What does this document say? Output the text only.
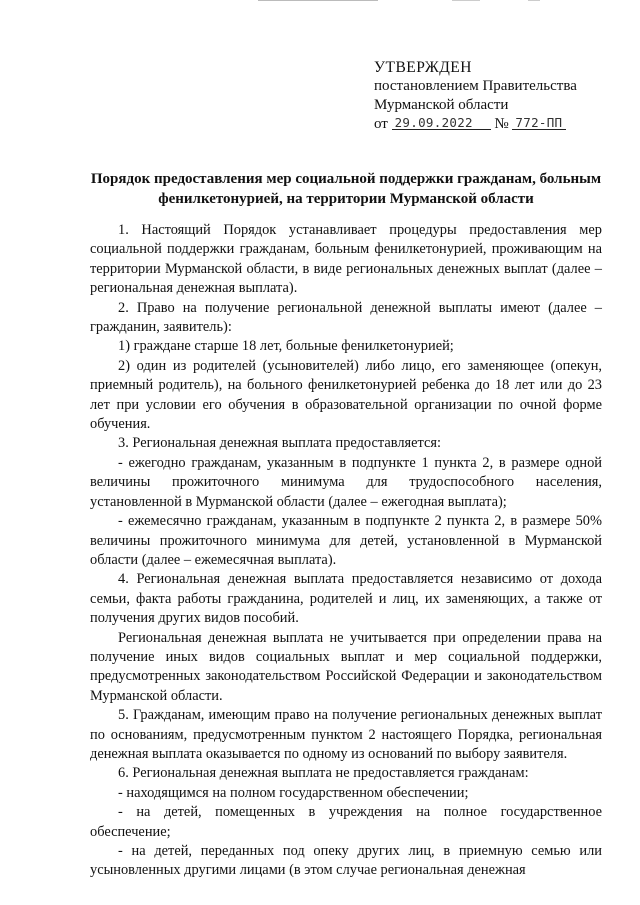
УТВЕРЖДЕН
постановлением Правительства
Мурманской области
от 29.09.2022 № 772-ПП
Порядок предоставления мер социальной поддержки гражданам, больным фенилкетонурией, на территории Мурманской области

1. Настоящий Порядок устанавливает процедуры предоставления мер социальной поддержки гражданам, больным фенилкетонурией, проживающим на территории Мурманской области, в виде региональных денежных выплат (далее – региональная денежная выплата).

2. Право на получение региональной денежной выплаты имеют (далее – гражданин, заявитель):

1) граждане старше 18 лет, больные фенилкетонурией;

2) один из родителей (усыновителей) либо лицо, его заменяющее (опекун, приемный родитель), на больного фенилкетонурией ребенка до 18 лет или до 23 лет при условии его обучения в образовательной организации по очной форме обучения.

3. Региональная денежная выплата предоставляется:

- ежегодно гражданам, указанным в подпункте 1 пункта 2, в размере одной величины прожиточного минимума для трудоспособного населения, установленной в Мурманской области (далее – ежегодная выплата);

- ежемесячно гражданам, указанным в подпункте 2 пункта 2, в размере 50% величины прожиточного минимума для детей, установленной в Мурманской области (далее – ежемесячная выплата).

4. Региональная денежная выплата предоставляется независимо от дохода семьи, факта работы гражданина, родителей и лиц, их заменяющих, а также от получения других видов пособий.

Региональная денежная выплата не учитывается при определении права на получение иных видов социальных выплат и мер социальной поддержки, предусмотренных законодательством Российской Федерации и законодательством Мурманской области.

5. Гражданам, имеющим право на получение региональных денежных выплат по основаниям, предусмотренным пунктом 2 настоящего Порядка, региональная денежная выплата оказывается по одному из оснований по выбору заявителя.

6. Региональная денежная выплата не предоставляется гражданам:

- находящимся на полном государственном обеспечении;

- на детей, помещенных в учреждения на полное государственное обеспечение;

- на детей, переданных под опеку других лиц, в приемную семью или усыновленных другими лицами (в этом случае региональная денежная
